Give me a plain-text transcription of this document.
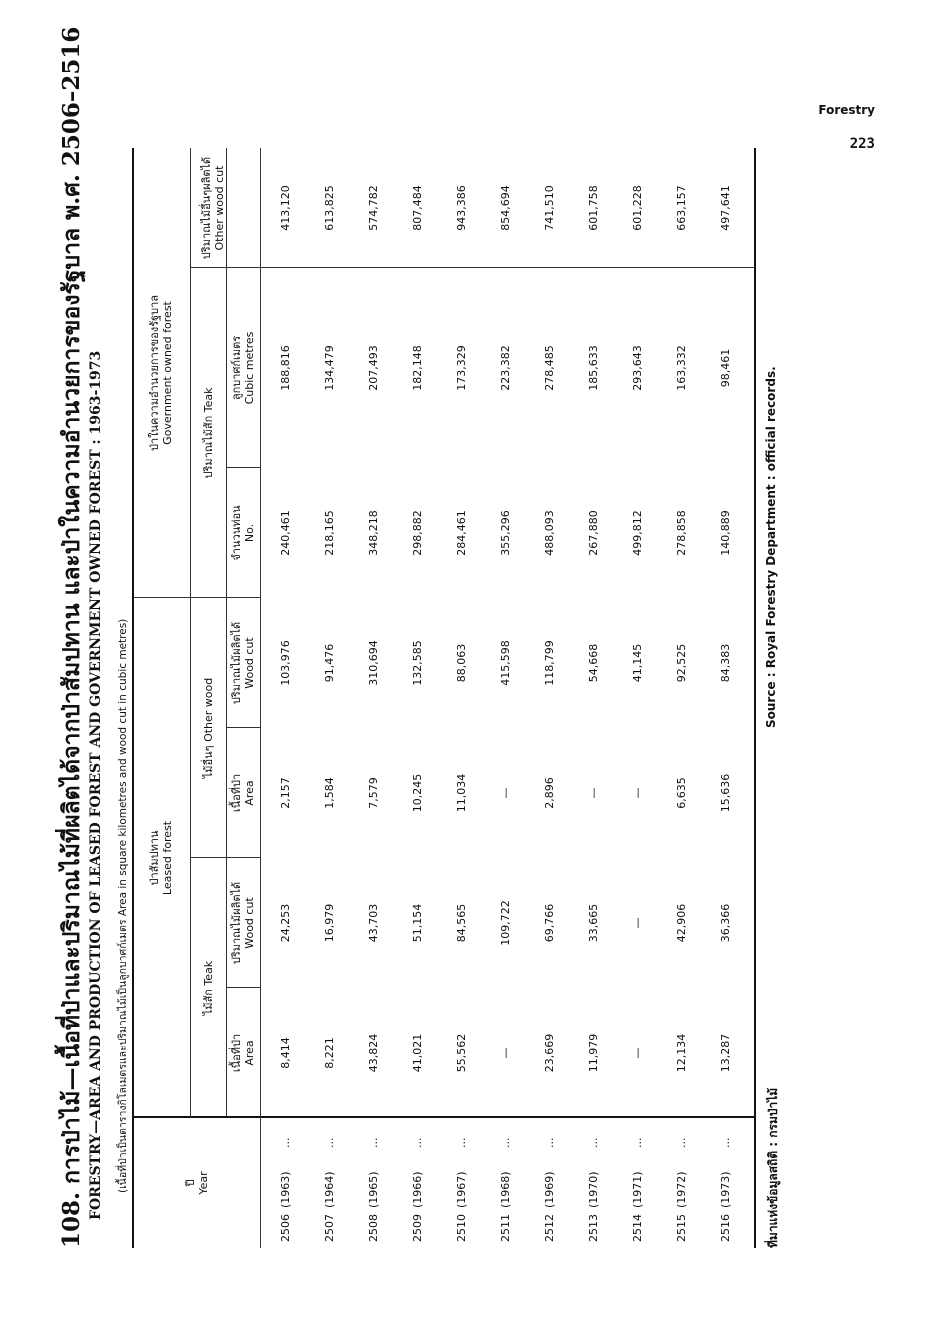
Forestry
223
108. การป่าไม้—เนื้อที่ป่าและปริมาณไม้ที่ผลิตได้จากป่าสัมปทาน และป่าในความอำนวยการของรัฐบาล พ.ศ. 2506–2516 FORESTRY—AREA AND PRODUCTION OF LEASED FOREST AND GOVERNMENT OWNED FOREST : 1963-1973 (เนื้อที่ป่าเป็นตารางกิโลเมตรและปริมาณไม้เป็นลูกบาศก์เมตร Area in square kilometres and wood cut in cubic metres)	ปี Year
ป่าสัมปทาน Leased forest
ไม้สัก Teak
ไม้อื่นๆ Other wood
เนื้อที่ป่า Area
ปริมาณไม้ผลิตได้ Wood cut
เนื้อที่ป่า Area
ปริมาณไม้ผลิตได้ Wood cut
ป่าในความอำนวยการของรัฐบาล Government owned forest	ปริมาณไม้สัก Teak
จำนวนท่อน No.
ลูกบาศก์เมตร Cubic metres
ปริมาณไม้อื่นๆผลิตได้ Other wood cut
2506(1963)...
8,414
24,253
2,157
103,976
240,461
188,816
413,120
2507(1964)...
8,221
16,979
1,584
91,476
218,165
134,479
613,825
2508(1965)...
43,824
43,703
7,579
310,694
348,218
207,493
574,782
2509(1966)...
41,021
51,154
10,245
132,585
298,882
182,148
807,484
2510(1967)...
55,562
84,565
11,034
88,063
284,461
173,329
943,386
2511(1968)...
—
109,722
—
415,598
355,296
223,382
854,694
2512(1969)...
23,669
69,766
2,896
118,799
488,093
278,485
741,510
2513(1970)...
11,979
33,665
—
54,668
267,880
185,633
601,758
2514(1971)...
—
—
—
41,145
499,812
293,643
601,228
2515(1972)...
12,134
42,906
6,635
92,525
278,858
163,332
663,157
2516(1973)...
13,287
36,366
15,636
84,383
140,889
98,461
497,641
ที่มาแห่งข้อมูลสถิติ : กรมป่าไม้
Source : Royal Forestry Department : official records.
